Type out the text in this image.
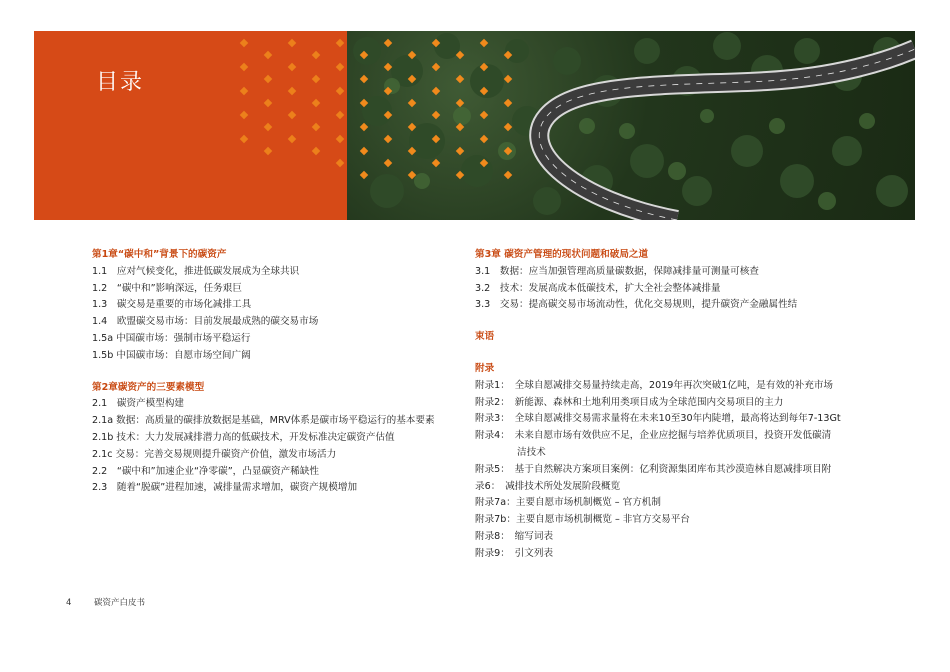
目录
第1章“碳中和”背景下的碳资产
1.1　应对气候变化，推进低碳发展成为全球共识
1.2　“碳中和”影响深远，任务艰巨
1.3　碳交易是重要的市场化减排工具
1.4　欧盟碳交易市场：目前发展最成熟的碳交易市场
1.5a 中国碳市场：强制市场平稳运行
1.5b 中国碳市场：自愿市场空间广阔
第2章碳资产的三要素模型
2.1　碳资产模型构建
2.1a 数据：高质量的碳排放数据是基础，MRV体系是碳市场平稳运行的基本要素
2.1b 技术：大力发展减排潜力高的低碳技术，开发标准决定碳资产估值
2.1c 交易：完善交易规则提升碳资产价值，激发市场活力
2.2　“碳中和”加速企业“净零碳”，凸显碳资产稀缺性
2.3　随着“脱碳”进程加速，减排量需求增加，碳资产规模增加
第3章 碳资产管理的现状问题和破局之道
3.1　数据：应当加强管理高质量碳数据，保障减排量可测量可核查
3.2　技术：发展高成本低碳技术，扩大全社会整体减排量
3.3　交易：提高碳交易市场流动性，优化交易规则，提升碳资产金融属性结
束语
附录
附录1：　全球自愿减排交易量持续走高，2019年再次突破1亿吨，是有效的补充市场
附录2：　新能源、森林和土地利用类项目成为全球范围内交易项目的主力
附录3：　全球自愿减排交易需求量将在未来10至30年内陡增，最高将达到每年7-13Gt
附录4：　未来自愿市场有效供应不足，企业应挖掘与培养优质项目，投资开发低碳清
洁技术
附录5：　基于自然解决方案项目案例：亿利资源集团库布其沙漠造林自愿减排项目附
录6：　减排技术所处发展阶段概览
附录7a：主要自愿市场机制概览 – 官方机制
附录7b：主要自愿市场机制概览 – 非官方交易平台
附录8：　缩写词表
附录9：　引文列表
4	碳资产白皮书
